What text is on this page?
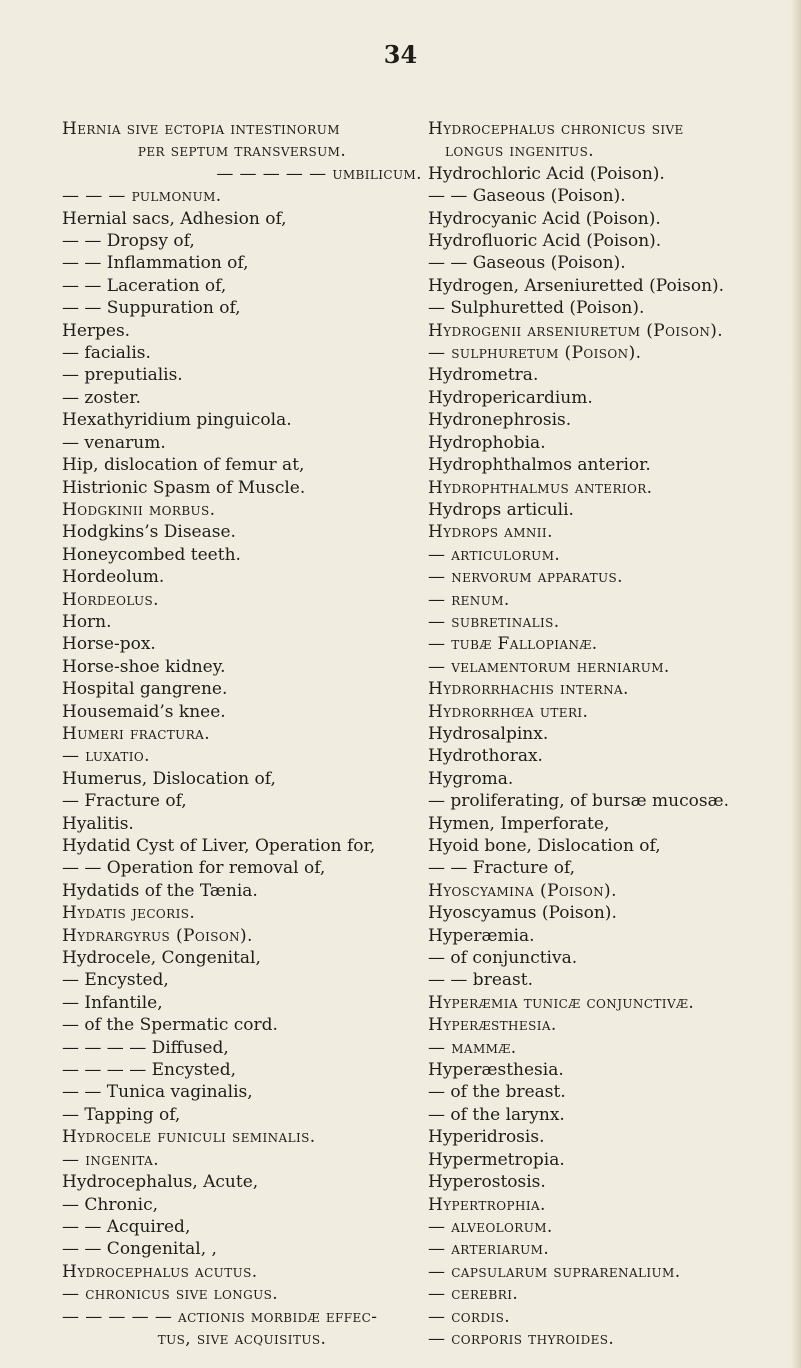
34

Hernia sive ectopia intestinorum

per septum transversum.

— — — — — umbilicum.

— — — pulmonum.

Hernial sacs, Adhesion of,

— — Dropsy of,

— — Inflammation of,

— — Laceration of,

— — Suppuration of,

Herpes.

— facialis.

— preputialis.

— zoster.

Hexathyridium pinguicola.

— venarum.

Hip, dislocation of femur at,

Histrionic Spasm of Muscle.

Hodgkinii morbus.

Hodgkins’s Disease.

Honeycombed teeth.

Hordeolum.

Hordeolus.

Horn.

Horse-pox.

Horse-shoe kidney.

Hospital gangrene.

Housemaid’s knee.

Humeri fractura.

— luxatio.

Humerus, Dislocation of,

— Fracture of,

Hyalitis.

Hydatid Cyst of Liver, Operation for,

— — Operation for removal of,

Hydatids of the Tænia.

Hydatis jecoris.

Hydrargyrus (Poison).

Hydrocele, Congenital,

— Encysted,

— Infantile,

— of the Spermatic cord.

— — — — Diffused,

— — — — Encysted,

— — Tunica vaginalis,

— Tapping of,

Hydrocele funiculi seminalis.

— ingenita.

Hydrocephalus, Acute,

— Chronic,

— — Acquired,

— — Congenital, ,

Hydrocephalus acutus.

— chronicus sive longus.

— — — — — actionis morbidæ effec-

tus, sive acquisitus.

Hydrocephalus chronicus sive

longus ingenitus.

Hydrochloric Acid (Poison).

— — Gaseous (Poison).

Hydrocyanic Acid (Poison).

Hydrofluoric Acid (Poison).

— — Gaseous (Poison).

Hydrogen, Arseniuretted (Poison).

— Sulphuretted (Poison).

Hydrogenii arseniuretum (Poison).

— sulphuretum (Poison).

Hydrometra.

Hydropericardium.

Hydronephrosis.

Hydrophobia.

Hydrophthalmos anterior.

Hydrophthalmus anterior.

Hydrops articuli.

Hydrops amnii.

— articulorum.

— nervorum apparatus.

— renum.

— subretinalis.

— tubæ Fallopianæ.

— velamentorum herniarum.

Hydrorrhachis interna.

Hydrorrhœa uteri.

Hydrosalpinx.

Hydrothorax.

Hygroma.

— proliferating, of bursæ mucosæ.

Hymen, Imperforate,

Hyoid bone, Dislocation of,

— — Fracture of,

Hyoscyamina (Poison).

Hyoscyamus (Poison).

Hyperæmia.

— of conjunctiva.

— — breast.

Hyperæmia tunicæ conjunctivæ.

Hyperæsthesia.

— mammæ.

Hyperæsthesia.

— of the breast.

— of the larynx.

Hyperidrosis.

Hypermetropia.

Hyperostosis.

Hypertrophia.

— alveolorum.

— arteriarum.

— capsularum suprarenalium.

— cerebri.

— cordis.

— corporis thyroides.
